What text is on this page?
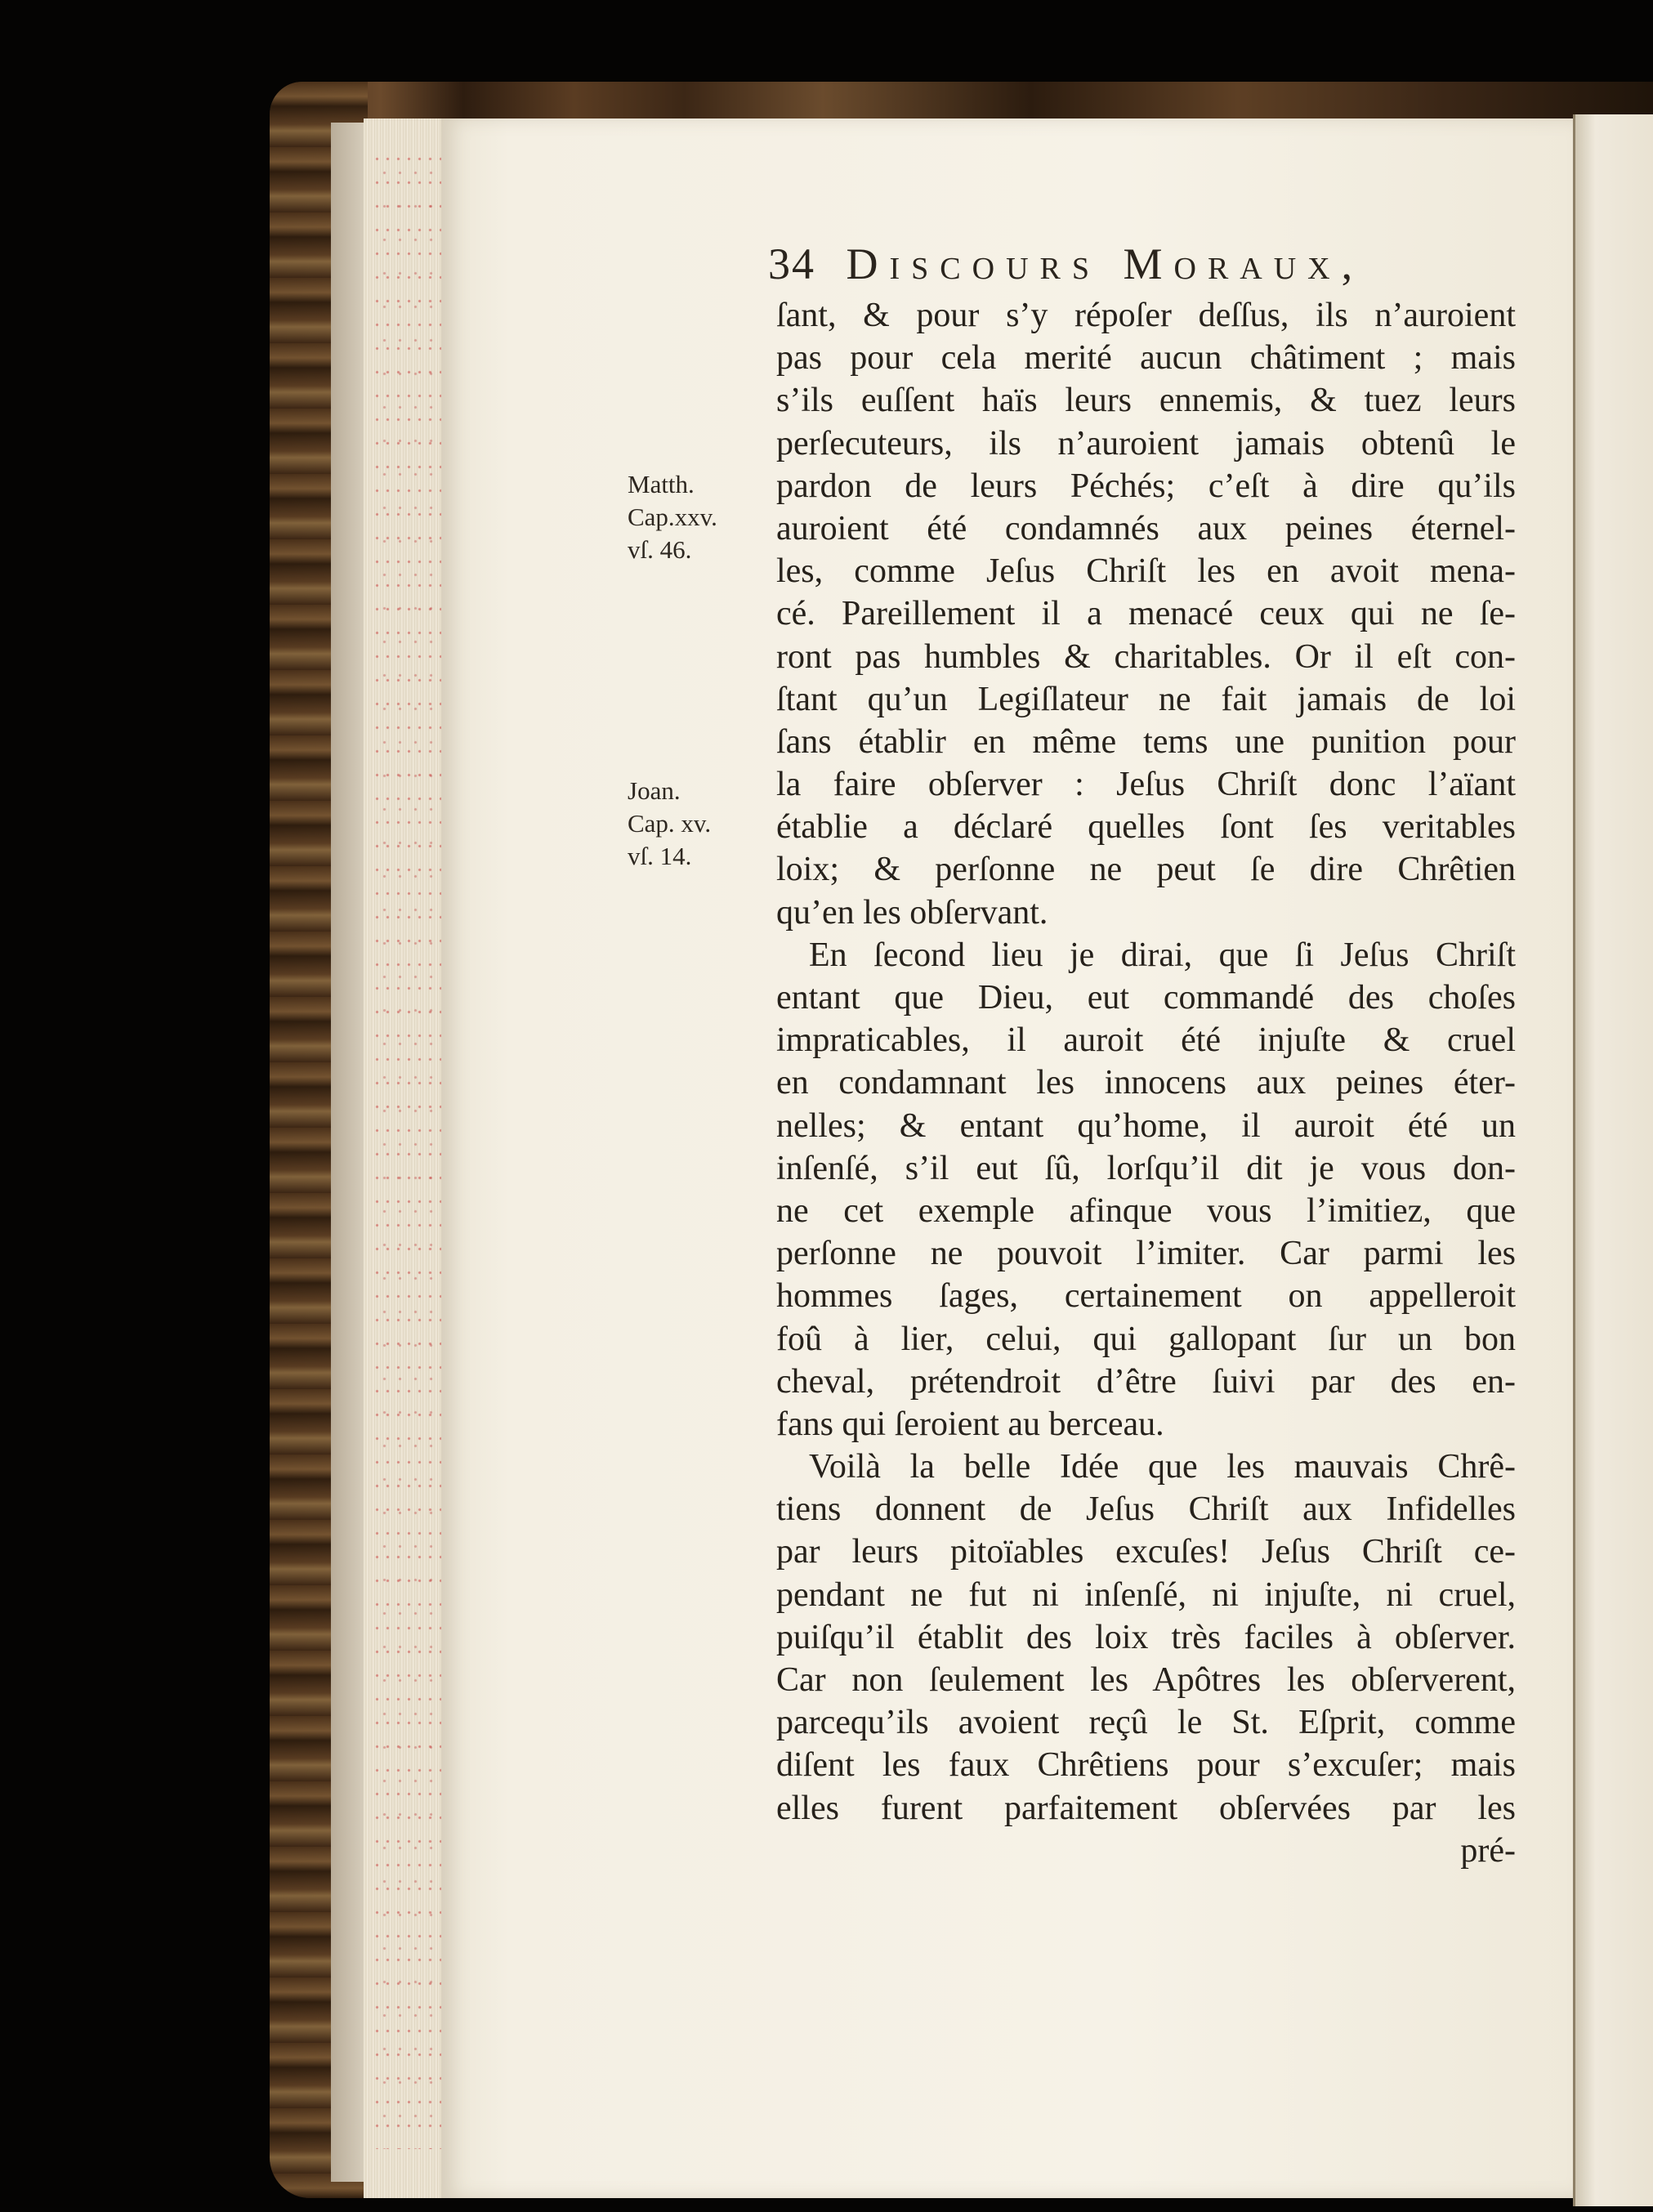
34 Discours Moraux,
Matth.
Cap.xxv.
vſ. 46.
Joan.
Cap. xv.
vſ. 14.
ſant, & pour s’y répoſer deſſus, ils n’auroient
pas pour cela merité aucun châtiment ; mais
s’ils euſſent haïs leurs ennemis, & tuez leurs
perſecuteurs, ils n’auroient jamais obtenû le
pardon de leurs Péchés; c’eſt à dire qu’ils
auroient été condamnés aux peines éternel-
les, comme Jeſus Chriſt les en avoit mena-
cé. Pareillement il a menacé ceux qui ne ſe-
ront pas humbles & charitables. Or il eſt con-
ſtant qu’un Legiſlateur ne fait jamais de loi
ſans établir en même tems une punition pour
la faire obſerver : Jeſus Chriſt donc l’aïant
établie a déclaré quelles ſont ſes veritables
loix; & perſonne ne peut ſe dire Chrêtien
qu’en les obſervant.
En ſecond lieu je dirai, que ſi Jeſus Chriſt
entant que Dieu, eut commandé des choſes
impraticables, il auroit été injuſte & cruel
en condamnant les innocens aux peines éter-
nelles; & entant qu’home, il auroit été un
inſenſé, s’il eut ſû, lorſqu’il dit je vous don-
ne cet exemple afinque vous l’imitiez, que
perſonne ne pouvoit l’imiter. Car parmi les
hommes ſages, certainement on appelleroit
foû à lier, celui, qui gallopant ſur un bon
cheval, prétendroit d’être ſuivi par des en-
fans qui ſeroient au berceau.
Voilà la belle Idée que les mauvais Chrê-
tiens donnent de Jeſus Chriſt aux Infidelles
par leurs pitoïables excuſes! Jeſus Chriſt ce-
pendant ne fut ni inſenſé, ni injuſte, ni cruel,
puiſqu’il établit des loix très faciles à obſerver.
Car non ſeulement les Apôtres les obſerverent,
parcequ’ils avoient reçû le St. Eſprit, comme
diſent les faux Chrêtiens pour s’excuſer; mais
elles furent parfaitement obſervées par les
pré-
